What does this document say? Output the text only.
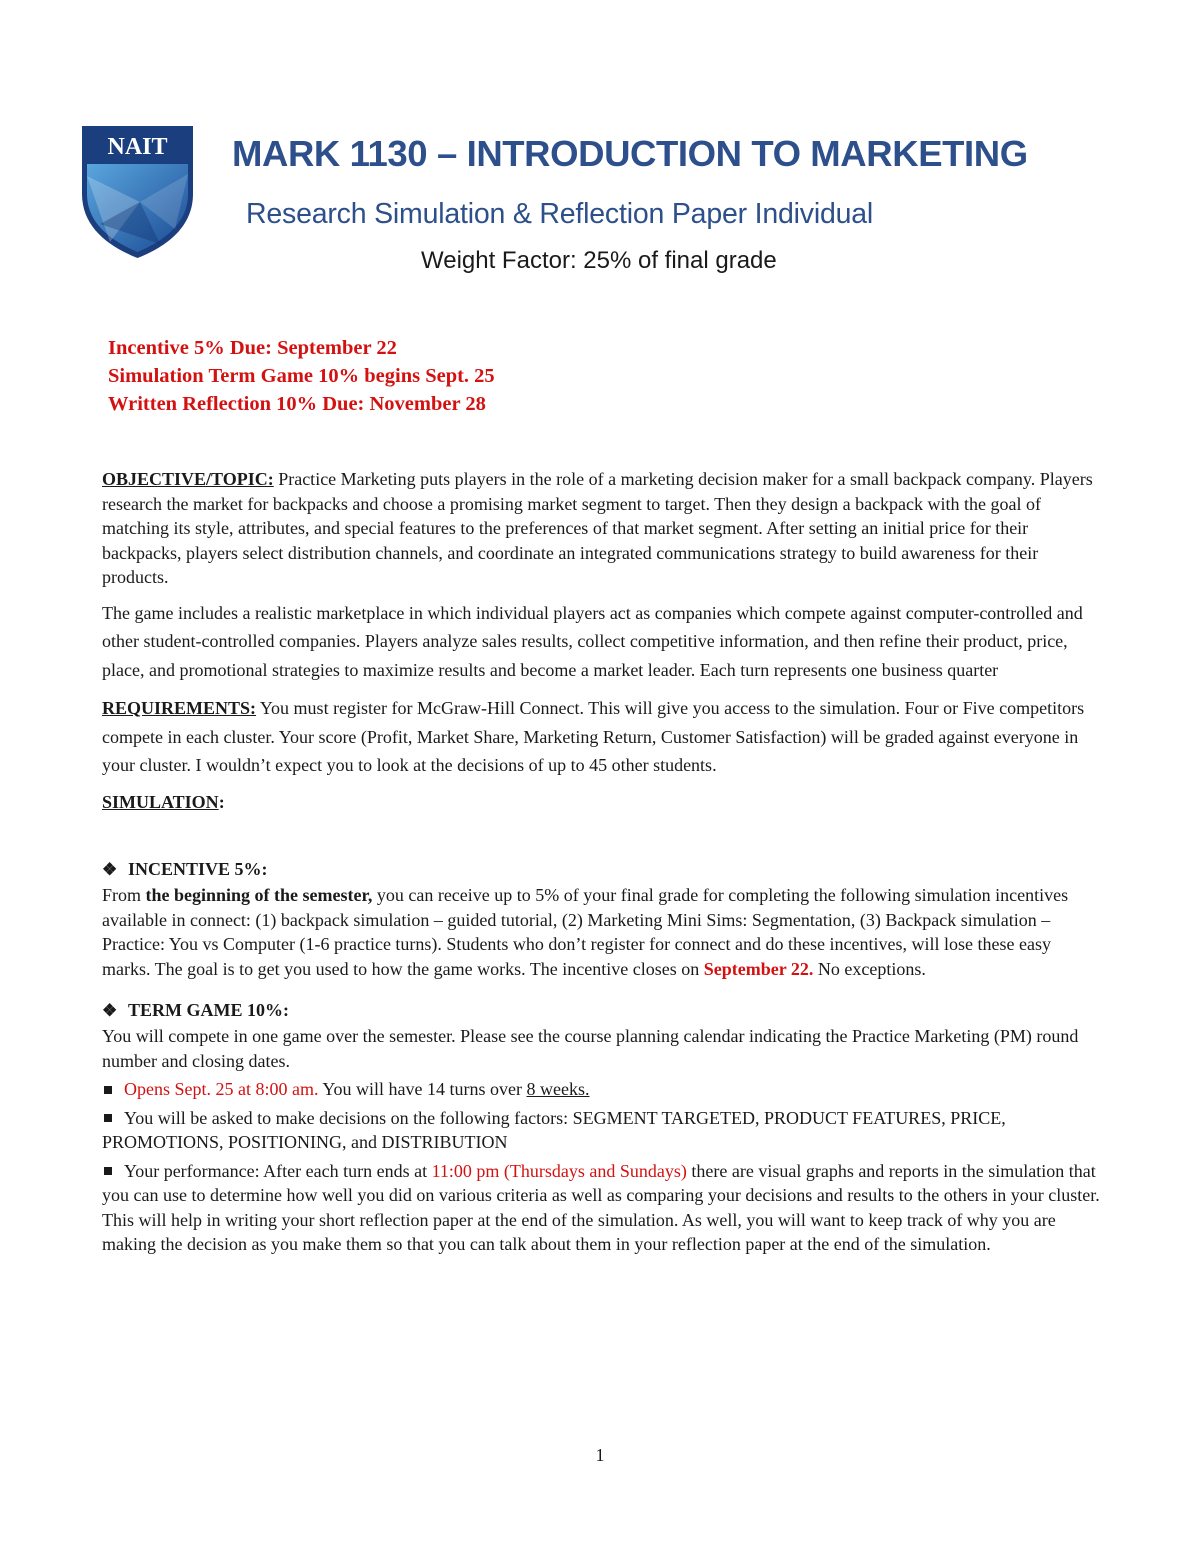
NAIT MARK 1130 – INTRODUCTION TO MARKETING
Research Simulation & Reflection Paper Individual
Weight Factor: 25% of final grade
Incentive 5% Due: September 22
Simulation Term Game 10% begins Sept. 25
Written Reflection 10% Due: November 28

OBJECTIVE/TOPIC: Practice Marketing puts players in the role of a marketing decision maker for a small backpack company. Players research the market for backpacks and choose a promising market segment to target. Then they design a backpack with the goal of matching its style, attributes, and special features to the preferences of that market segment. After setting an initial price for their backpacks, players select distribution channels, and coordinate an integrated communications strategy to build awareness for their products.

The game includes a realistic marketplace in which individual players act as companies which compete against computer-controlled and other student-controlled companies. Players analyze sales results, collect competitive information, and then refine their product, price, place, and promotional strategies to maximize results and become a market leader. Each turn represents one business quarter

REQUIREMENTS: You must register for McGraw-Hill Connect. This will give you access to the simulation. Four or Five competitors compete in each cluster. Your score (Profit, Market Share, Marketing Return, Customer Satisfaction) will be graded against everyone in your cluster. I wouldn’t expect you to look at the decisions of up to 45 other students.

SIMULATION:

❖ INCENTIVE 5%:

From the beginning of the semester, you can receive up to 5% of your final grade for completing the following simulation incentives available in connect: (1) backpack simulation – guided tutorial, (2) Marketing Mini Sims: Segmentation, (3) Backpack simulation – Practice: You vs Computer (1-6 practice turns). Students who don’t register for connect and do these incentives, will lose these easy marks. The goal is to get you used to how the game works. The incentive closes on September 22. No exceptions.

❖ TERM GAME 10%:

You will compete in one game over the semester. Please see the course planning calendar indicating the Practice Marketing (PM) round number and closing dates.

Opens Sept. 25 at 8:00 am. You will have 14 turns over 8 weeks.

You will be asked to make decisions on the following factors: SEGMENT TARGETED, PRODUCT FEATURES, PRICE, PROMOTIONS, POSITIONING, and DISTRIBUTION

Your performance: After each turn ends at 11:00 pm (Thursdays and Sundays) there are visual graphs and reports in the simulation that you can use to determine how well you did on various criteria as well as comparing your decisions and results to the others in your cluster. This will help in writing your short reflection paper at the end of the simulation. As well, you will want to keep track of why you are making the decision as you make them so that you can talk about them in your reflection paper at the end of the simulation.

1
